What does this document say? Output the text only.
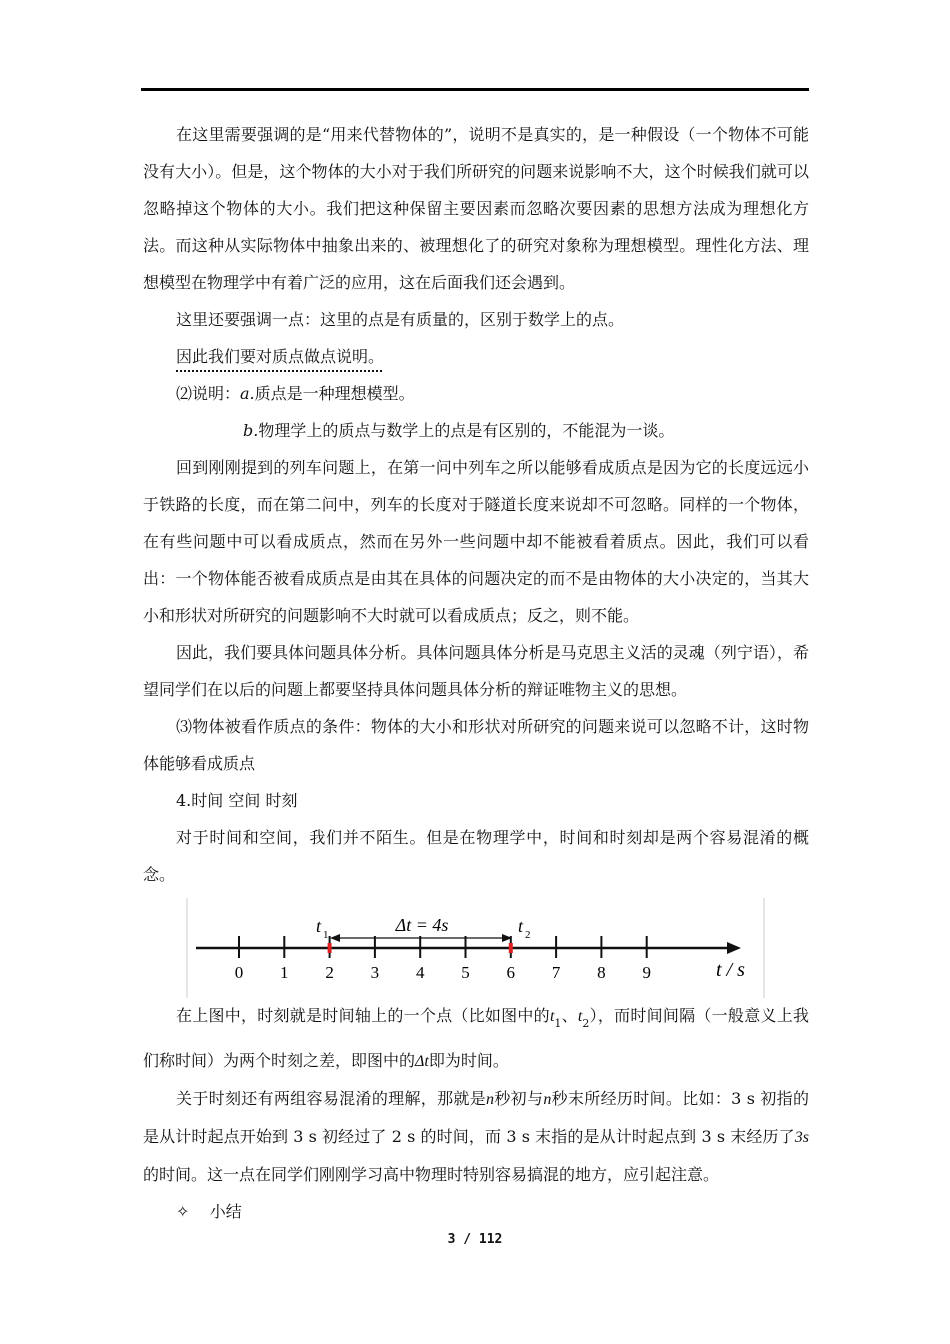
在这里需要强调的是“用来代替物体的”，说明不是真实的，是一种假设（一个物体不可能没有大小）。但是，这个物体的大小对于我们所研究的问题来说影响不大，这个时候我们就可以忽略掉这个物体的大小。我们把这种保留主要因素而忽略次要因素的思想方法成为理想化方法。而这种从实际物体中抽象出来的、被理想化了的研究对象称为理想模型。理性化方法、理想模型在物理学中有着广泛的应用，这在后面我们还会遇到。

这里还要强调一点：这里的点是有质量的，区别于数学上的点。

因此我们要对质点做点说明。

⑵说明：a.质点是一种理想模型。

b.物理学上的质点与数学上的点是有区别的，不能混为一谈。

回到刚刚提到的列车问题上，在第一问中列车之所以能够看成质点是因为它的长度远远小于铁路的长度，而在第二问中，列车的长度对于隧道长度来说却不可忽略。同样的一个物体，在有些问题中可以看成质点，然而在另外一些问题中却不能被看着质点。因此，我们可以看出：一个物体能否被看成质点是由其在具体的问题决定的而不是由物体的大小决定的，当其大小和形状对所研究的问题影响不大时就可以看成质点；反之，则不能。

因此，我们要具体问题具体分析。具体问题具体分析是马克思主义活的灵魂（列宁语），希望同学们在以后的问题上都要坚持具体问题具体分析的辩证唯物主义的思想。

⑶物体被看作质点的条件：物体的大小和形状对所研究的问题来说可以忽略不计，这时物体能够看成质点

4.时间 空间 时刻

对于时间和空间，我们并不陌生。但是在物理学中，时间和时刻却是两个容易混淆的概念。

在上图中，时刻就是时间轴上的一个点（比如图中的$t_1$、$t_2$），而时间间隔（一般意义上我们称时间）为两个时刻之差，即图中的Δt即为时间。

关于时刻还有两组容易混淆的理解，那就是n秒初与n秒末所经历时间。比如：3 s 初指的是从计时起点开始到 3 s 初经过了 2 s 的时间，而 3 s 末指的是从计时起点到 3 s 末经历了3s的时间。这一点在同学们刚刚学习高中物理时特别容易搞混的地方，应引起注意。

✧ 小结

0 1 2 3 4 5 6 7 8 9
Δt = 4s
t 1	t 2
t / s
3 / 112
